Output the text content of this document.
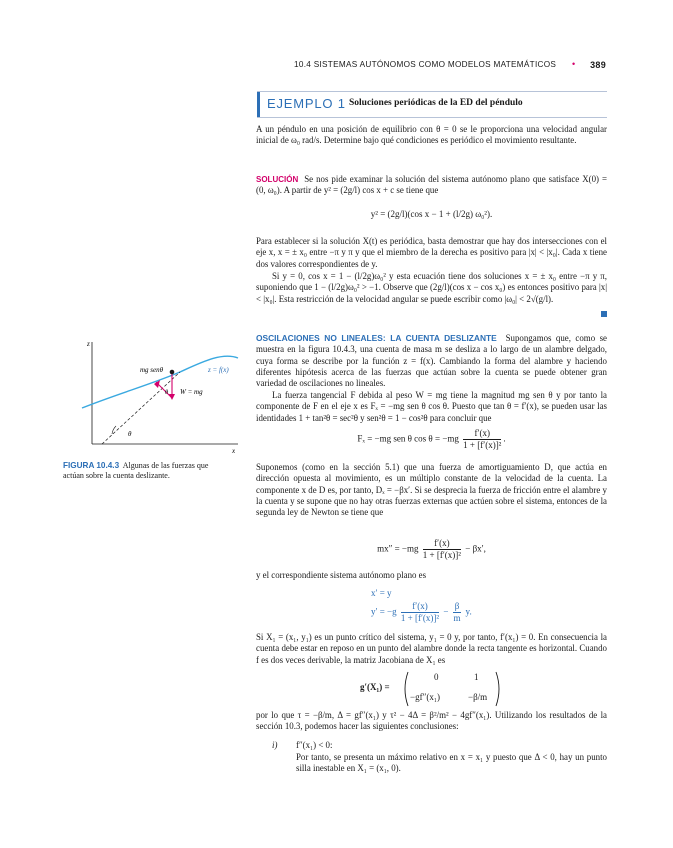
10.4 SISTEMAS AUTÓNOMOS COMO MODELOS MATEMÁTICOS • 389
EJEMPLO 1 Soluciones periódicas de la ED del péndulo
A un péndulo en una posición de equilibrio con θ = 0 se le proporciona una velocidad angular inicial de ω₀ rad/s. Determine bajo qué condiciones es periódico el movimiento resultante.
SOLUCIÓN Se nos pide examinar la solución del sistema autónomo plano que satisface X(0) = (0, ω₀). A partir de y² = (2g/l) cos x + c se tiene que
y² = (2g/l)(cos x − 1 + (l/2g) ω₀²).
Para establecer si la solución X(t) es periódica, basta demostrar que hay dos intersecciones con el eje x, x = ± x₀ entre −π y π y que el miembro de la derecha es positivo para |x| < |x₀|. Cada x tiene dos valores correspondientes de y.
Si y = 0, cos x = 1 − (l/2g)ω₀² y esta ecuación tiene dos soluciones x = ± x₀ entre −π y π, suponiendo que 1 − (l/2g)ω₀² > −1. Observe que (2g/l)(cos x − cos x₀) es entonces positivo para |x| < |x₀|. Esta restricción de la velocidad angular se puede escribir como |ω₀| < 2√(g/l).
OSCILACIONES NO LINEALES: LA CUENTA DESLIZANTE Supongamos que, como se muestra en la figura 10.4.3, una cuenta de masa m se desliza a lo largo de un alambre delgado, cuya forma se describe por la función z = f(x). Cambiando la forma del alambre y haciendo diferentes hipótesis acerca de las fuerzas que actúan sobre la cuenta se puede obtener gran variedad de oscilaciones no lineales.
La fuerza tangencial F debida al peso W = mg tiene la magnitud mg sen θ y por tanto la componente de F en el eje x es Fₓ = −mg sen θ cos θ. Puesto que tan θ = f′(x), se pueden usar las identidades 1 + tan²θ = sec²θ y sen²θ = 1 − cos²θ para concluir que
Fₓ = −mg sen θ $\cos \theta = -mg \frac{f'(x)}{\text{1 + [f′(x)]²}}$ .
Suponemos (como en la sección 5.1) que una fuerza de amortiguamiento D, que actúa en dirección opuesta al movimiento, es un múltiplo constante de la velocidad de la cuenta. La componente x de D es, por tanto, Dₓ = −βx′. Si se desprecia la fuerza de fricción entre el alambre y la cuenta y se supone que no hay otras fuerzas externas que actúen sobre el sistema, entonces de la segunda ley de Newton se tiene que
$mx'' = -mg \frac{f'(x)}{\text{1 + [f′(x)]²}} - \beta x'$,
y el correspondiente sistema autónomo plano es
x′ = y
$y' = -g \frac{f'(x)}{\text{1 + [f′(x)]²}} - \frac{\beta}{m} y$.
Si X₁ = (x₁, y₁) es un punto crítico del sistema, y₁ = 0 y, por tanto, f′(x₁) = 0. En consecuencia la cuenta debe estar en reposo en un punto del alambre donde la recta tangente es horizontal. Cuando f es dos veces derivable, la matriz Jacobiana de X₁ es
g′(X₁) =
0	1
−gf″(x₁)	−β/m
por lo que τ = −β/m, Δ = gf″(x₁) y τ² − 4Δ = β²/m² − 4gf″(x₁). Utilizando los resultados de la sección 10.3, podemos hacer las siguientes conclusiones:
i) f″(x₁) < 0:
Por tanto, se presenta un máximo relativo en x = x₁ y puesto que Δ < 0, hay un punto silla inestable en X₁ = (x₁, 0).
mg senθ	z = f(x)
W = mg
θ
θ
z
x
FIGURA 10.4.3 Algunas de las fuerzas que actúan sobre la cuenta deslizante.
